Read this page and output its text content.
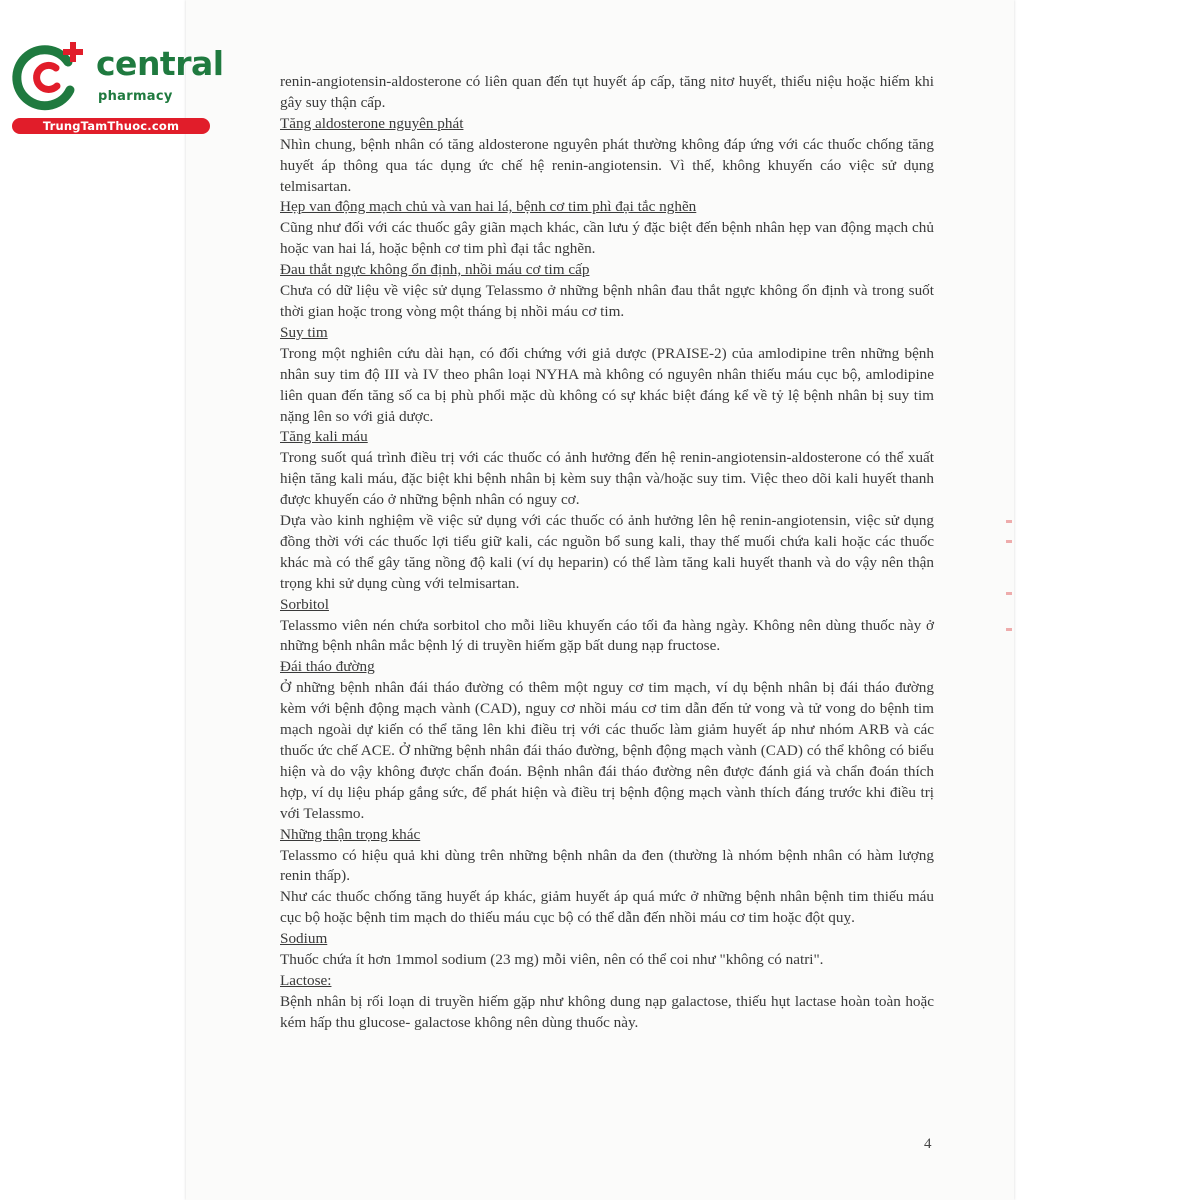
central
pharmacy
TrungTamThuoc.com

renin-angiotensin-aldosterone có liên quan đến tụt huyết áp cấp, tăng nitơ huyết, thiểu niệu hoặc hiếm khi gây suy thận cấp.

Tăng aldosterone nguyên phát

Nhìn chung, bệnh nhân có tăng aldosterone nguyên phát thường không đáp ứng với các thuốc chống tăng huyết áp thông qua tác dụng ức chế hệ renin-angiotensin. Vì thế, không khuyến cáo việc sử dụng telmisartan.

Hẹp van động mạch chủ và van hai lá, bệnh cơ tim phì đại tắc nghẽn

Cũng như đối với các thuốc gây giãn mạch khác, cần lưu ý đặc biệt đến bệnh nhân hẹp van động mạch chủ hoặc van hai lá, hoặc bệnh cơ tim phì đại tắc nghẽn.

Đau thắt ngực không ổn định, nhồi máu cơ tim cấp

Chưa có dữ liệu về việc sử dụng Telassmo ở những bệnh nhân đau thắt ngực không ổn định và trong suốt thời gian hoặc trong vòng một tháng bị nhồi máu cơ tim.

Suy tim

Trong một nghiên cứu dài hạn, có đối chứng với giả dược (PRAISE-2) của amlodipine trên những bệnh nhân suy tim độ III và IV theo phân loại NYHA mà không có nguyên nhân thiếu máu cục bộ, amlodipine liên quan đến tăng số ca bị phù phổi mặc dù không có sự khác biệt đáng kể về tỷ lệ bệnh nhân bị suy tim nặng lên so với giả dược.

Tăng kali máu

Trong suốt quá trình điều trị với các thuốc có ảnh hưởng đến hệ renin-angiotensin-aldosterone có thể xuất hiện tăng kali máu, đặc biệt khi bệnh nhân bị kèm suy thận và/hoặc suy tim. Việc theo dõi kali huyết thanh được khuyến cáo ở những bệnh nhân có nguy cơ.

Dựa vào kinh nghiệm về việc sử dụng với các thuốc có ảnh hưởng lên hệ renin-angiotensin, việc sử dụng đồng thời với các thuốc lợi tiểu giữ kali, các nguồn bổ sung kali, thay thế muối chứa kali hoặc các thuốc khác mà có thể gây tăng nồng độ kali (ví dụ heparin) có thể làm tăng kali huyết thanh và do vậy nên thận trọng khi sử dụng cùng với telmisartan.

Sorbitol

Telassmo viên nén chứa sorbitol cho mỗi liều khuyến cáo tối đa hàng ngày. Không nên dùng thuốc này ở những bệnh nhân mắc bệnh lý di truyền hiếm gặp bất dung nạp fructose.

Đái tháo đường

Ở những bệnh nhân đái tháo đường có thêm một nguy cơ tim mạch, ví dụ bệnh nhân bị đái tháo đường kèm với bệnh động mạch vành (CAD), nguy cơ nhồi máu cơ tim dẫn đến tử vong và tử vong do bệnh tim mạch ngoài dự kiến có thể tăng lên khi điều trị với các thuốc làm giảm huyết áp như nhóm ARB và các thuốc ức chế ACE. Ở những bệnh nhân đái tháo đường, bệnh động mạch vành (CAD) có thể không có biểu hiện và do vậy không được chẩn đoán. Bệnh nhân đái tháo đường nên được đánh giá và chẩn đoán thích hợp, ví dụ liệu pháp gắng sức, để phát hiện và điều trị bệnh động mạch vành thích đáng trước khi điều trị với Telassmo.

Những thận trọng khác

Telassmo có hiệu quả khi dùng trên những bệnh nhân da đen (thường là nhóm bệnh nhân có hàm lượng renin thấp).

Như các thuốc chống tăng huyết áp khác, giảm huyết áp quá mức ở những bệnh nhân bệnh tim thiếu máu cục bộ hoặc bệnh tim mạch do thiếu máu cục bộ có thể dẫn đến nhồi máu cơ tim hoặc đột quỵ.

Sodium

Thuốc chứa ít hơn 1mmol sodium (23 mg) mỗi viên, nên có thể coi như "không có natri".

Lactose:

Bệnh nhân bị rối loạn di truyền hiếm gặp như không dung nạp galactose, thiếu hụt lactase hoàn toàn hoặc kém hấp thu glucose- galactose không nên dùng thuốc này.

4
